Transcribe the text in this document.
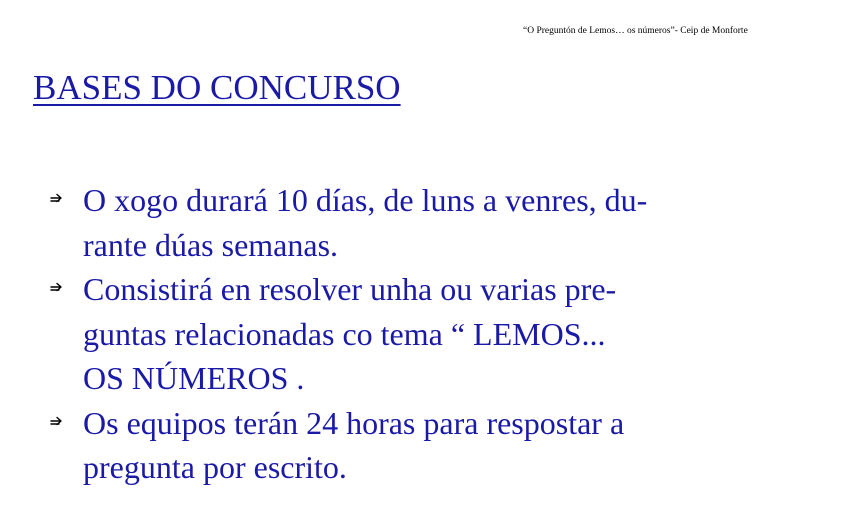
“O Preguntón de Lemos… os números”- Ceip de Monforte
BASES DO CONCURSO
O xogo durará 10 días, de luns a venres, du-
rante dúas semanas.
Consistirá en resolver unha ou varias pre-
guntas relacionadas co tema “ LEMOS...
OS NÚMEROS .
Os equipos terán 24 horas para respostar a
pregunta por escrito.
